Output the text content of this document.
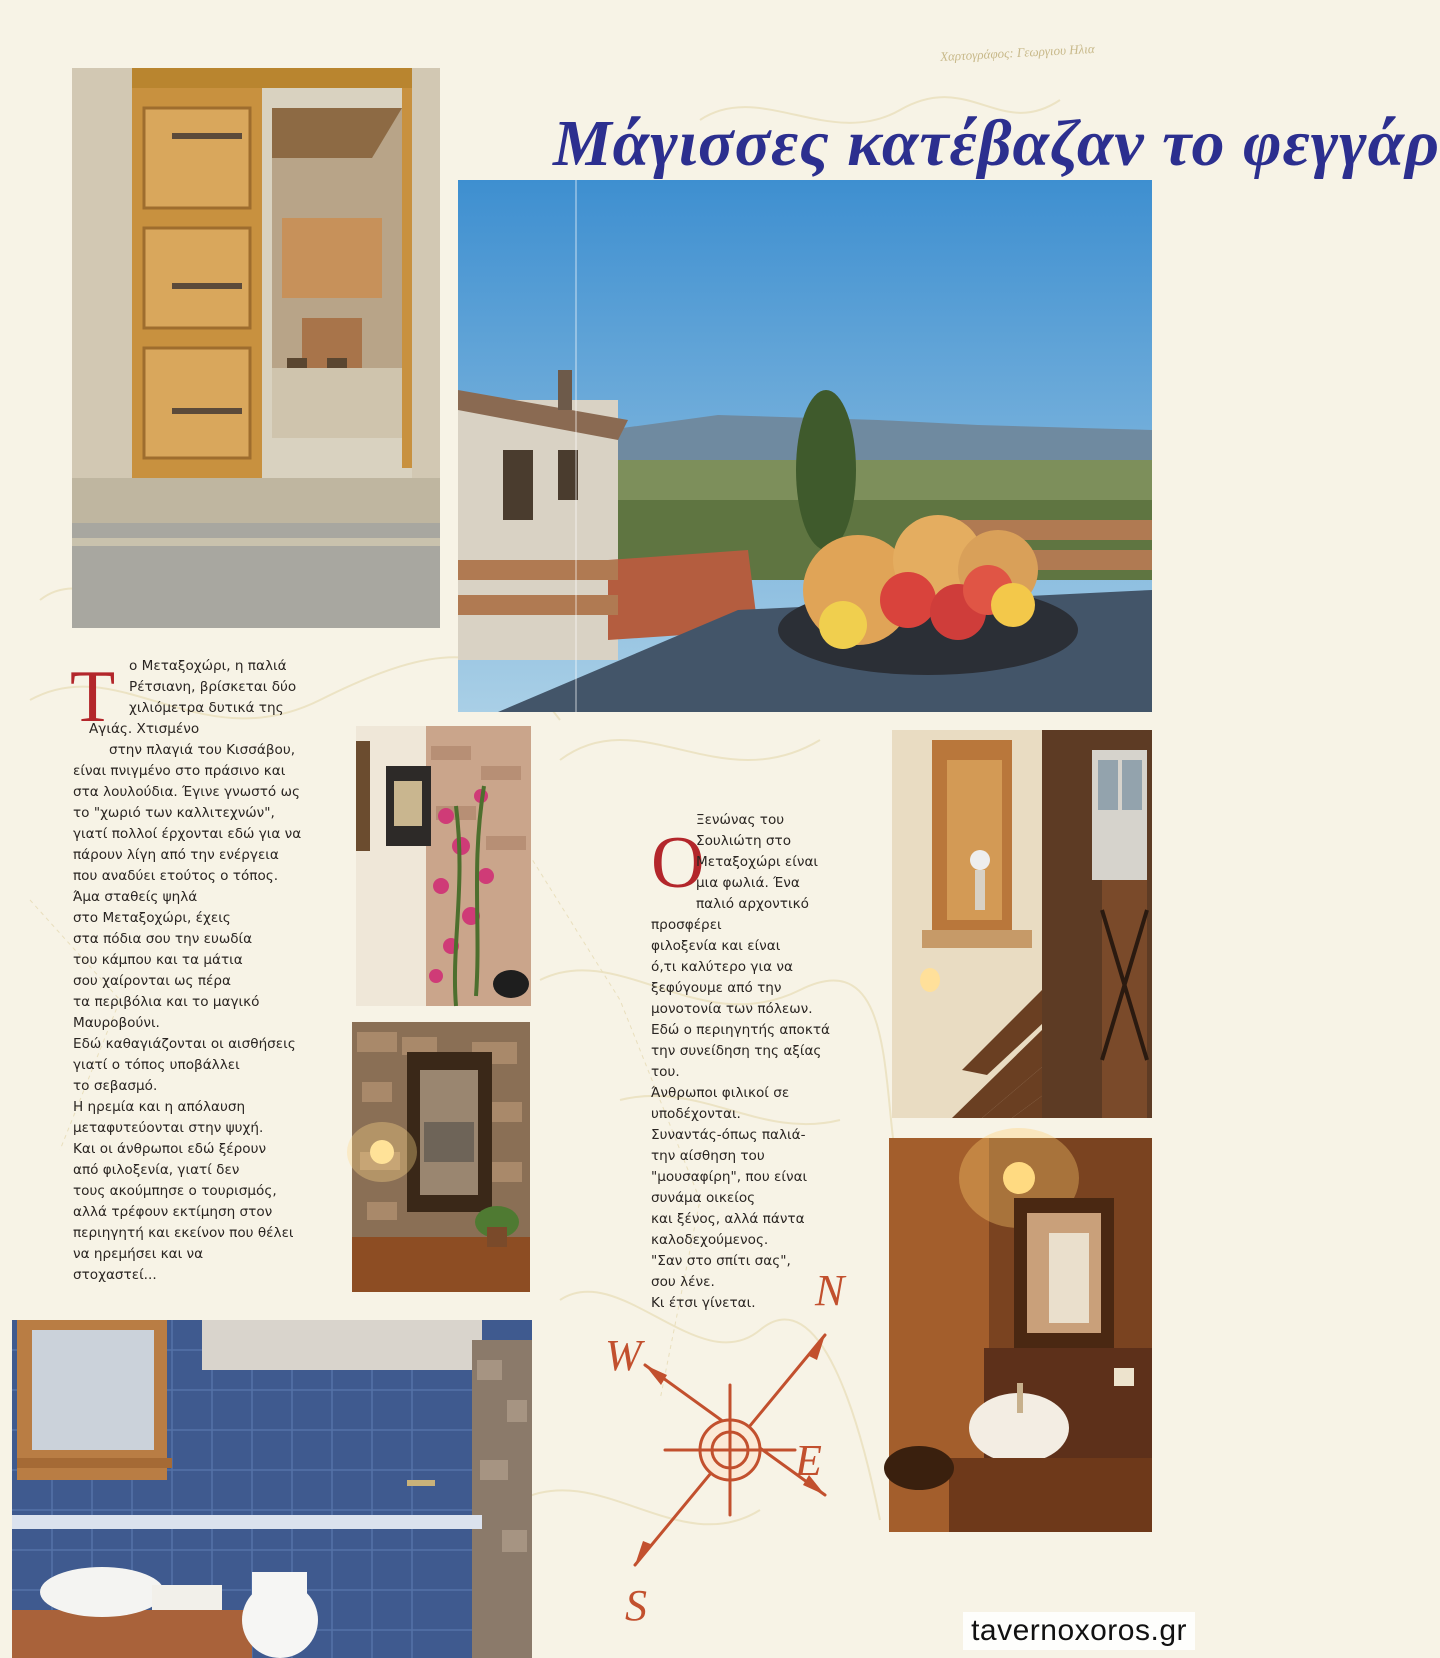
Χαρτογράφος: Γεωργιου Ηλια
Μάγισσες κατέβαζαν το φεγγάρ
Τ	ο Μεταξοχώρι, η παλιά
Ρέτσιανη, βρίσκεται δύο
χιλιόμετρα δυτικά της
Αγιάς. Χτισμένο
στην πλαγιά του Κισσάβου,
είναι πνιγμένο στο πράσινο και
στα λουλούδια. Έγινε γνωστό ως
το "χωριό των καλλιτεχνών",
γιατί πολλοί έρχονται εδώ για να
πάρουν λίγη από την ενέργεια
που αναδύει ετούτος ο τόπος.
Άμα σταθείς ψηλά
στο Μεταξοχώρι, έχεις
στα πόδια σου την ευωδία
του κάμπου και τα μάτια
σου χαίρονται ως πέρα
τα περιβόλια και το μαγικό
Μαυροβούνι.
Εδώ καθαγιάζονται οι αισθήσεις
γιατί ο τόπος υποβάλλει
το σεβασμό.
Η ηρεμία και η απόλαυση
μεταφυτεύονται στην ψυχή.
Και οι άνθρωποι εδώ ξέρουν
από φιλοξενία, γιατί δεν
τους ακούμπησε ο τουρισμός,
αλλά τρέφουν εκτίμηση στον
περιηγητή και εκείνον που θέλει
να ηρεμήσει και να
στοχαστεί...
Ο
Ξενώνας του
Σουλιώτη στο
Μεταξοχώρι είναι
μια φωλιά. Ένα
παλιό αρχοντικό
προσφέρει
φιλοξενία και είναι
ό,τι καλύτερο για να
ξεφύγουμε από την
μονοτονία των πόλεων.
Εδώ ο περιηγητής αποκτά
την συνείδηση της αξίας
του.
Άνθρωποι φιλικοί σε
υποδέχονται.
Συναντάς-όπως παλιά-
την αίσθηση του
"μουσαφίρη", που είναι
συνάμα οικείος
και ξένος, αλλά πάντα
καλοδεχούμενος.
"Σαν στο σπίτι σας",
σου λένε.
Κι έτσι γίνεται.	N
W
E
S
tavernoxoros.gr
